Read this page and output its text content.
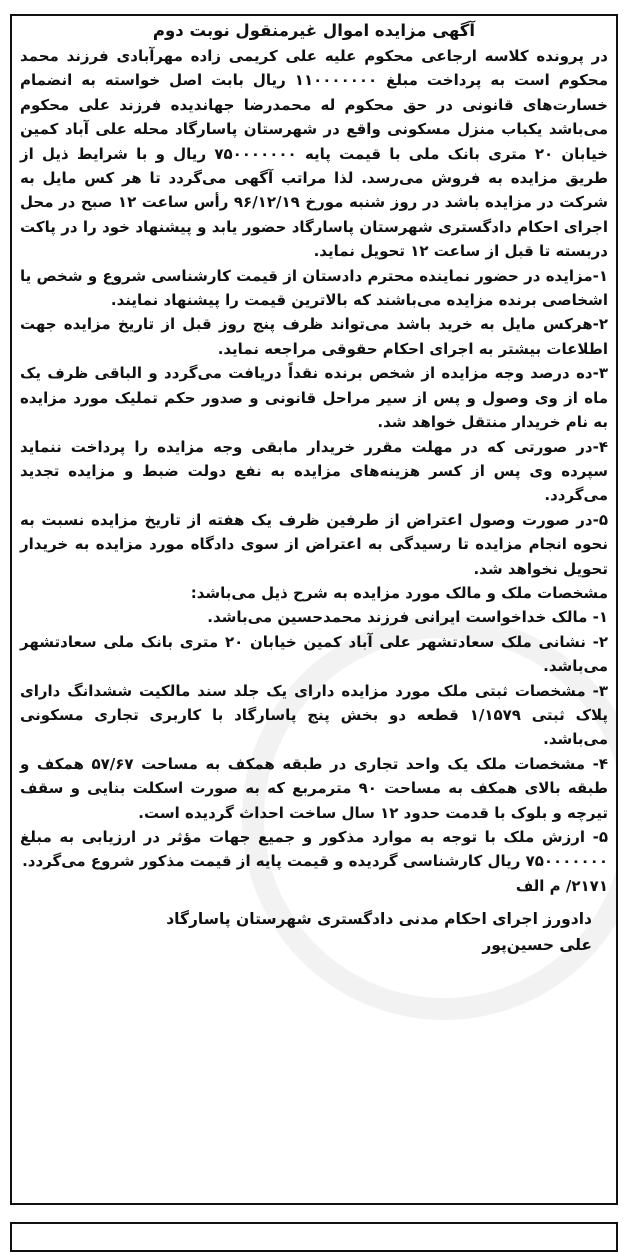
آگهی مزایده اموال غیرمنقول نوبت دوم

در پرونده کلاسه ارجاعی محکوم علیه علی کریمی زاده مهرآبادی فرزند محمد محکوم است به پرداخت مبلغ ۱۱۰۰۰۰۰۰۰ ریال بابت اصل خواسته به انضمام خسارت‌های قانونی در حق محکوم له محمدرضا جهاندیده فرزند علی محکوم می‌باشد یکباب منزل مسکونی واقع در شهرستان پاسارگاد محله علی آباد کمین خیابان ۲۰ متری بانک ملی با قیمت پایه ۷۵۰۰۰۰۰۰۰ ریال و با شرایط ذیل از طریق مزایده به فروش می‌رسد. لذا مراتب آگهی می‌گردد تا هر کس مایل به شرکت در مزایده باشد در روز شنبه مورخ ۹۶/۱۲/۱۹ رأس ساعت ۱۲ صبح در محل اجرای احکام دادگستری شهرستان پاسارگاد حضور یابد و پیشنهاد خود را در پاکت دربسته تا قبل از ساعت ۱۲ تحویل نماید.

۱-مزایده در حضور نماینده محترم دادستان از قیمت کارشناسی شروع و شخص یا اشخاصی برنده مزایده می‌باشند که بالاترین قیمت را پیشنهاد نمایند.

۲-هرکس مایل به خرید باشد می‌تواند ظرف پنج روز قبل از تاریخ مزایده جهت اطلاعات بیشتر به اجرای احکام حقوقی مراجعه نماید.

۳-ده درصد وجه مزایده از شخص برنده نقداً دریافت می‌گردد و الباقی ظرف یک ماه از وی وصول و پس از سیر مراحل قانونی و صدور حکم تملیک مورد مزایده به نام خریدار منتقل خواهد شد.

۴-در صورتی که در مهلت مقرر خریدار مابقی وجه مزایده را پرداخت ننماید سپرده وی پس از کسر هزینه‌های مزایده به نفع دولت ضبط و مزایده تجدید می‌گردد.

۵-در صورت وصول اعتراض از طرفین ظرف یک هفته از تاریخ مزایده نسبت به نحوه انجام مزایده تا رسیدگی به اعتراض از سوی دادگاه مورد مزایده به خریدار تحویل نخواهد شد.

مشخصات ملک و مالک مورد مزایده به شرح ذیل می‌باشد:

۱- مالک خداخواست ایرانی فرزند محمدحسین می‌باشد.

۲- نشانی ملک سعادتشهر علی آباد کمین خیابان ۲۰ متری بانک ملی سعادتشهر می‌باشد.

۳- مشخصات ثبتی ملک مورد مزایده دارای یک جلد سند مالکیت ششدانگ دارای پلاک ثبتی ۱/۱۵۷۹ قطعه دو بخش پنج پاسارگاد با کاربری تجاری مسکونی می‌باشد.

۴- مشخصات ملک یک واحد تجاری در طبقه همکف به مساحت ۵۷/۶۷ همکف و طبقه بالای همکف به مساحت ۹۰ مترمربع که به صورت اسکلت بنایی و سقف تیرچه و بلوک با قدمت حدود ۱۲ سال ساخت احداث گردیده است.

۵- ارزش ملک با توجه به موارد مذکور و جمیع جهات مؤثر در ارزیابی به مبلغ ۷۵۰۰۰۰۰۰۰ ریال کارشناسی گردیده و قیمت پایه از قیمت مذکور شروع می‌گردد.

۲۱۷۱/ م الف

دادورز اجرای احکام مدنی دادگستری شهرستان پاسارگاد

علی حسین‌پور
